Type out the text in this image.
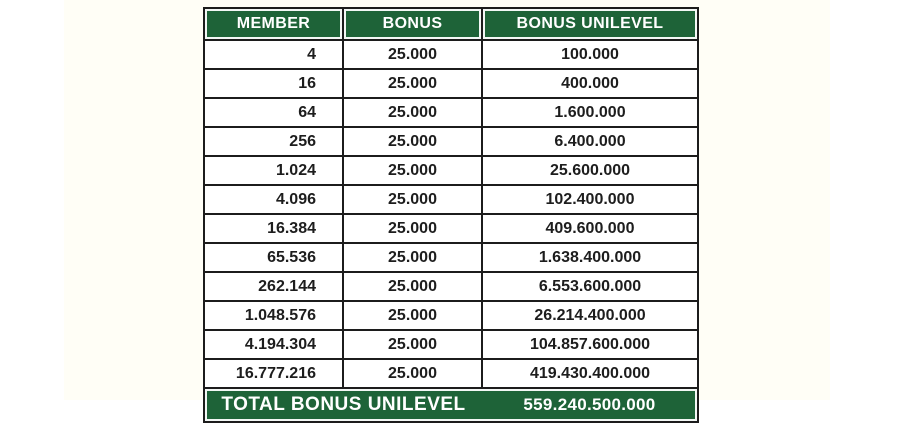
MEMBER	BONUS	BONUS UNILEVEL
4	25.000	100.000
16	25.000	400.000
64	25.000	1.600.000
256	25.000	6.400.000
1.024	25.000	25.600.000
4.096	25.000	102.400.000
16.384	25.000	409.600.000
65.536	25.000	1.638.400.000
262.144	25.000	6.553.600.000
1.048.576	25.000	26.214.400.000
4.194.304	25.000	104.857.600.000
16.777.216	25.000	419.430.400.000

TOTAL BONUS UNILEVEL 559.240.500.000		
